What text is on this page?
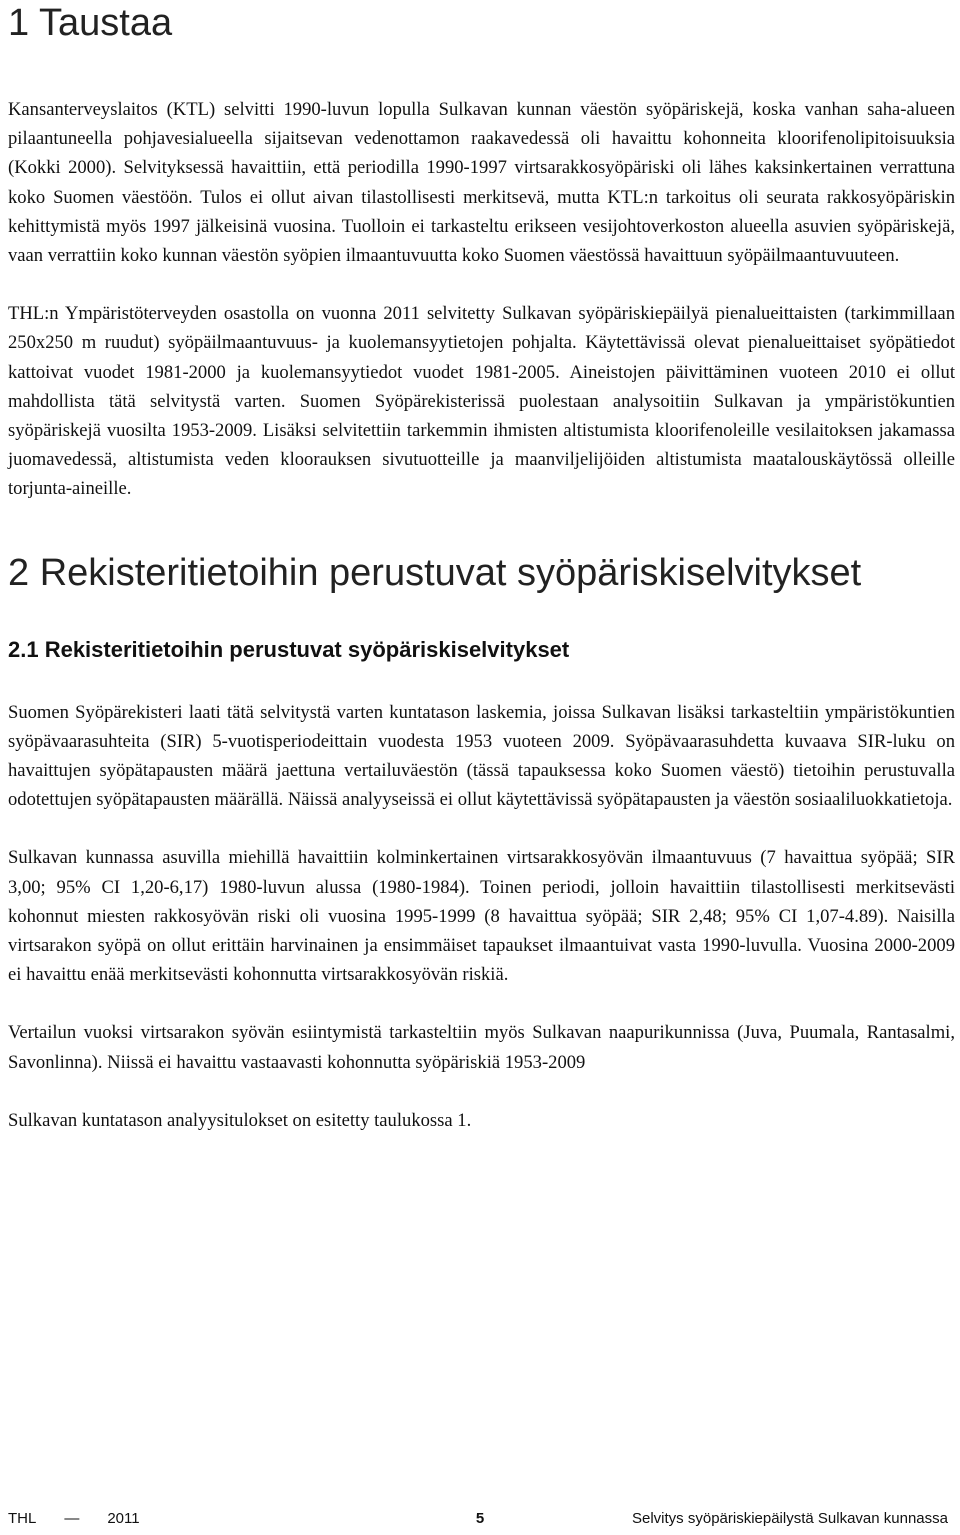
1 Taustaa

Kansanterveyslaitos (KTL) selvitti 1990-luvun lopulla Sulkavan kunnan väestön syöpäriskejä, koska vanhan saha-alueen pilaantuneella pohjavesialueella sijaitsevan vedenottamon raakavedessä oli havaittu kohonneita kloorifenolipitoisuuksia (Kokki 2000). Selvityksessä havaittiin, että periodilla 1990-1997 virtsarakkosyöpäriski oli lähes kaksinkertainen verrattuna koko Suomen väestöön. Tulos ei ollut aivan tilastollisesti merkitsevä, mutta KTL:n tarkoitus oli seurata rakkosyöpäriskin kehittymistä myös 1997 jälkeisinä vuosina. Tuolloin ei tarkasteltu erikseen vesijohtoverkoston alueella asuvien syöpäriskejä, vaan verrattiin koko kunnan väestön syöpien ilmaantuvuutta koko Suomen väestössä havaittuun syöpäilmaantuvuuteen.

THL:n Ympäristöterveyden osastolla on vuonna 2011 selvitetty Sulkavan syöpäriskiepäilyä pienalueittaisten (tarkimmillaan 250x250 m ruudut) syöpäilmaantuvuus- ja kuolemansyytietojen pohjalta. Käytettävissä olevat pienalueittaiset syöpätiedot kattoivat vuodet 1981-2000 ja kuolemansyytiedot vuodet 1981-2005. Aineistojen päivittäminen vuoteen 2010 ei ollut mahdollista tätä selvitystä varten. Suomen Syöpärekisterissä puolestaan analysoitiin Sulkavan ja ympäristökuntien syöpäriskejä vuosilta 1953-2009. Lisäksi selvitettiin tarkemmin ihmisten altistumista kloorifenoleille vesilaitoksen jakamassa juomavedessä, altistumista veden kloorauksen sivutuotteille ja maanviljelijöiden altistumista maatalouskäytössä olleille torjunta-aineille.

2 Rekisteritietoihin perustuvat syöpäriskiselvitykset
2.1 Rekisteritietoihin perustuvat syöpäriskiselvitykset

Suomen Syöpärekisteri laati tätä selvitystä varten kuntatason laskemia, joissa Sulkavan lisäksi tarkasteltiin ympäristökuntien syöpävaarasuhteita (SIR) 5-vuotisperiodeittain vuodesta 1953 vuoteen 2009. Syöpävaarasuhdetta kuvaava SIR-luku on havaittujen syöpätapausten määrä jaettuna vertailuväestön (tässä tapauksessa koko Suomen väestö) tietoihin perustuvalla odotettujen syöpätapausten määrällä. Näissä analyyseissä ei ollut käytettävissä syöpätapausten ja väestön sosiaaliluokkatietoja.

Sulkavan kunnassa asuvilla miehillä havaittiin kolminkertainen virtsarakkosyövän ilmaantuvuus (7 havaittua syöpää; SIR 3,00; 95% CI 1,20-6,17) 1980-luvun alussa (1980-1984). Toinen periodi, jolloin havaittiin tilastollisesti merkitsevästi kohonnut miesten rakkosyövän riski oli vuosina 1995-1999 (8 havaittua syöpää; SIR 2,48; 95% CI 1,07-4.89). Naisilla virtsarakon syöpä on ollut erittäin harvinainen ja ensimmäiset tapaukset ilmaantuivat vasta 1990-luvulla. Vuosina 2000-2009 ei havaittu enää merkitsevästi kohonnutta virtsarakkosyövän riskiä.

Vertailun vuoksi virtsarakon syövän esiintymistä tarkasteltiin myös Sulkavan naapurikunnissa (Juva, Puumala, Rantasalmi, Savonlinna). Niissä ei havaittu vastaavasti kohonnutta syöpäriskiä 1953-2009

Sulkavan kuntatason analyysitulokset on esitetty taulukossa 1.

THL — 2011	5	Selvitys syöpäriskiepäilystä Sulkavan kunnassa
